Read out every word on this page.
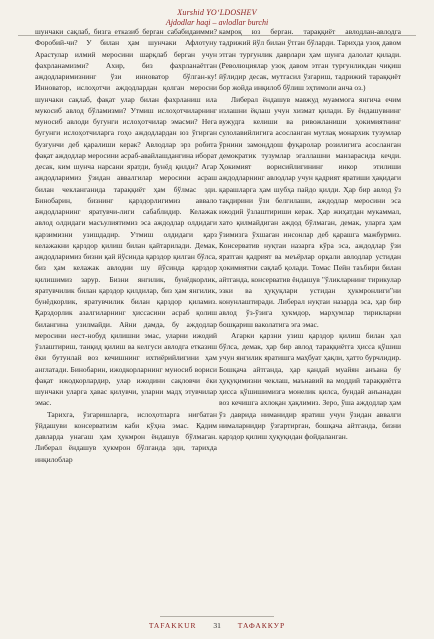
Xurshid YO‘LDOSHEV
Ajdodlar haqi – avlodlar burchi

шунчаки сақлаб, бизга етказиб берган сабабидаимми? Форобий-чи? У билан ҳам шунчаки Афлотуну Арастулар илмий меросини шарқлаб берган учун фахрланамизми? Ахир, биз фахрланаётган аждодларимизнинг ўзи инноватор бўлган-ку! Инноватор, ислоҳотчи аждодлардан қолган меросни шунчаки сақлаб, фақат улар билан фахрланиш ила мукосиб авлод бўламизми? Утмиш ислоҳотчиларнинг муносиб авлоди бугунги ислоҳотчилар эмасми? Нега бугунги ислоҳотчиларга гоҳо аждодлардан юз ўгирган бузғунчи деб қаралиши керак? Авлодлар эрз робита фақат аждодлар меросини асраб-авайлашдангина иборат десак, ким шунча нарсани яратди, бунёд қилди? Агар аждодларимиз ўзидан аввалгилар меросини асраш билан чекланганида тараққиёт ҳам бўлмас эди. Бинобарин, бизнинг қарздорлигимиз аввало аждодларнинг яратувчи-лиги сабаблидир. Келажак авлод олдидаги масъулиятимиз эса аждодлар олдидаги қарзимизни узишдадир. Утмиш олдидаги қарз келажакни қарздор қилиш билан қайтарилади. Демак, аждодларимиз бизни қай йўсинда қарздор қилган бўлса, биз ҳам келажак авлодни шу йўсинда қарздор қилишимиз зарур. Бизни янгилик, бунёдкорлик, яратувчилик билан қарздор қилдилар, биз ҳам янгилик, бунёдкорлик, яратувчилик билан қарздор қиламиз. Қарздорлик азалгиларнинг ҳиссасини асраб қолиш билангина узилмайди. Айни дамда, бу аждодлар меросини нест-нобуд қилишни эмас, уларни ижодий ўзлаштириш, танқид қилиш ва келгуси авлодга етказиш ёки бутунлай воз кечишнинг ихтиёрийлигини ҳам англатади. Бинобарин, ижодкорларнинг муносиб вориси фақат ижодкорлардир, улар ижодини сақловчи ёки шунчаки уларга ҳавас қилувчи, уларни мадҳ этувчилар эмас.

Тарихга, ўзгаришларга, ислоҳотларга нигбатан ўйдашуви консерватизм каби кўҳна эмас. Қадим давларда унагаш ҳам ҳукмрон ёндашув бўлмаган. Либерал ёндашув ҳукмрон бўлганда эди, тарихда инқилоблар

камроқ юз берган. тараққиёт авлодлан-авлодга тадрижий йўл билан ўтган бўларди. Тарихда узоқ давом этган турғунлик даврлари ҳам шунга далолат қилади. (Революциялар узоқ давом этган турғунликдан чиқиш йўлидир десак, мутгасил ўзгариш, тадрижий тараққиёт бор жойда инқилоб бўлиш эҳтимоли анча оз.)

Либерал ёндашув мавжуд муаммога янгича ечим излашни ёқлаш учун хизмат қилади. Бу ёндашувнинг вужудга келиши ва ривожланиши ҳокимиятнинг сулолавийлигига асосланган мутлақ монархик тузумлар ўрнини замонддош фуқаролар розилигига асосланган демократик тузумлар эгаллашни манзарасида кечди. Ҳокимият ворисийлигининг инкор этилиши аждодларнинг авлодлар учун қадрият яратиши ҳақидаги қарашларга ҳам шубҳа пайдо қилди. Ҳар бир авлод ўз тақдирини ўзи белгилаши, аждодлар меросини эса ижодий ўзлаштириши керак. Ҳар жиҳатдан мукаммал, хато қилмайдиган аждод бўлмаган, демак, уларга ҳам ўзимизга ўхшаган инсонлар деб қарашга мажбурмиз. Консерватив нуқтаи назарга кўра эса, аждодлар ўзи яратган қадрият ва меъёрлар орқали авлодлар устидан ҳокимиятни сақлаб қолади. Томас Пейн таъбири билан айтганда, консерватив ёндашув "ўликларнинг тирикулар эзки ва ҳуқуқлари устидан ҳукмронлиги"ни конунлаштиради. Либерал нуқтаи назарда эса, ҳар бир авлод ўз-ўзига ҳукмдор, марҳумлар тирикларни бошқариш ваколатига эга эмас.

Агарки қарзни узиш қарздор қилиш билан ҳал бўлса, демак, ҳар бир авлод тараққиётга ҳисса қўшиш учун янгилик яратишга маҳбуат ҳақли, ҳатто бурчлидир. Бошқача айтганда, ҳар қандай муайян анъана бу ҳуқуқимизни чеклаш, маънавий ва моддий тараққиётга ҳисса қўшишимизга монелик қилса, бундай анъанадан воз кечишга ахлоқан ҳақлимиз. Зеро, ўша аждодлар ҳам ўз даврида ниманидир яратиш учун ўзидан аввалги нималарнидир ўзгартирган, бошқача айтганда, бизни қарздор қилиш ҳуқуқидан фойдаланган.

TAFAKKUR 31 ТАФАККУР
